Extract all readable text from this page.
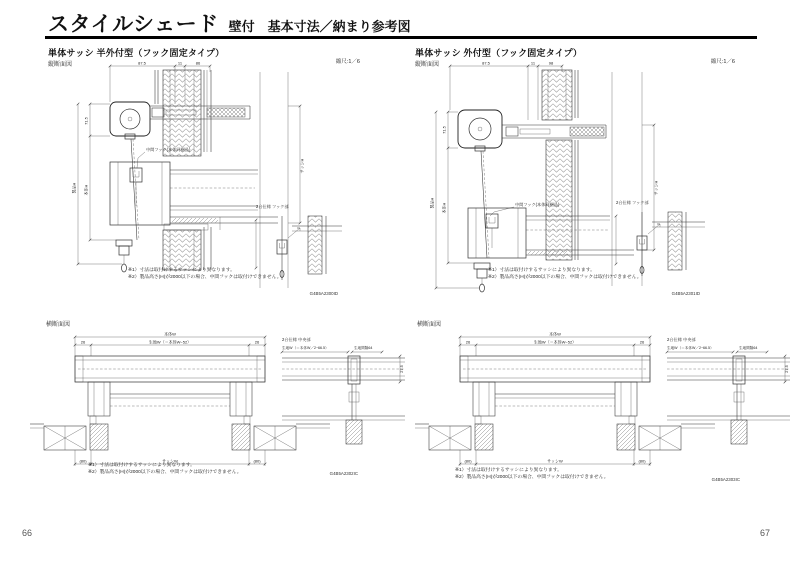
スタイルシェード 壁付　基本寸法／納まり参考図
単体サッシ 半外付型（フック固定タイプ）
縦断面図	縮尺:1／6
単体サッシ 外付型（フック固定タイプ）
縦断面図	縮尺:1／6
横断面図	横断面図
87.5	11	86
中間フック(本体同梱品)
71.5
本体H
製品H
サッシH
2台仕様 フック部
※1）寸法は取付けするサッシにより異なります。
※2）製品高さ(H)が2000以下の場合、中間フックは取付けできません。
G4B5A2300ID
87.5	11	98
中間フック(本体同梱品)
71.5
本体H
製品H
サッシH
2台仕様 フック部
※1）寸法は取付けするサッシにより異なります。
※2）製品高さ(H)が2000以下の場合、中間フックは取付けできません。
G4B5A2301ID
本体W
26	生地W（＝本体W−52）	26
(80)	サッシW	(80)
2台仕様 中央部
生地W（＝本体W／2−66.5）	生地間隔64
27.5
※1）寸法は取付けするサッシにより異なります。
※2）製品高さ(H)が2000以下の場合、中間フックは取付けできません。	G4B5A2302IC
※1）寸法は取付けするサッシにより異なります。
※2）製品高さ(H)が2000以下の場合、中間フックは取付けできません。	G4B5A2303IC
66	67
